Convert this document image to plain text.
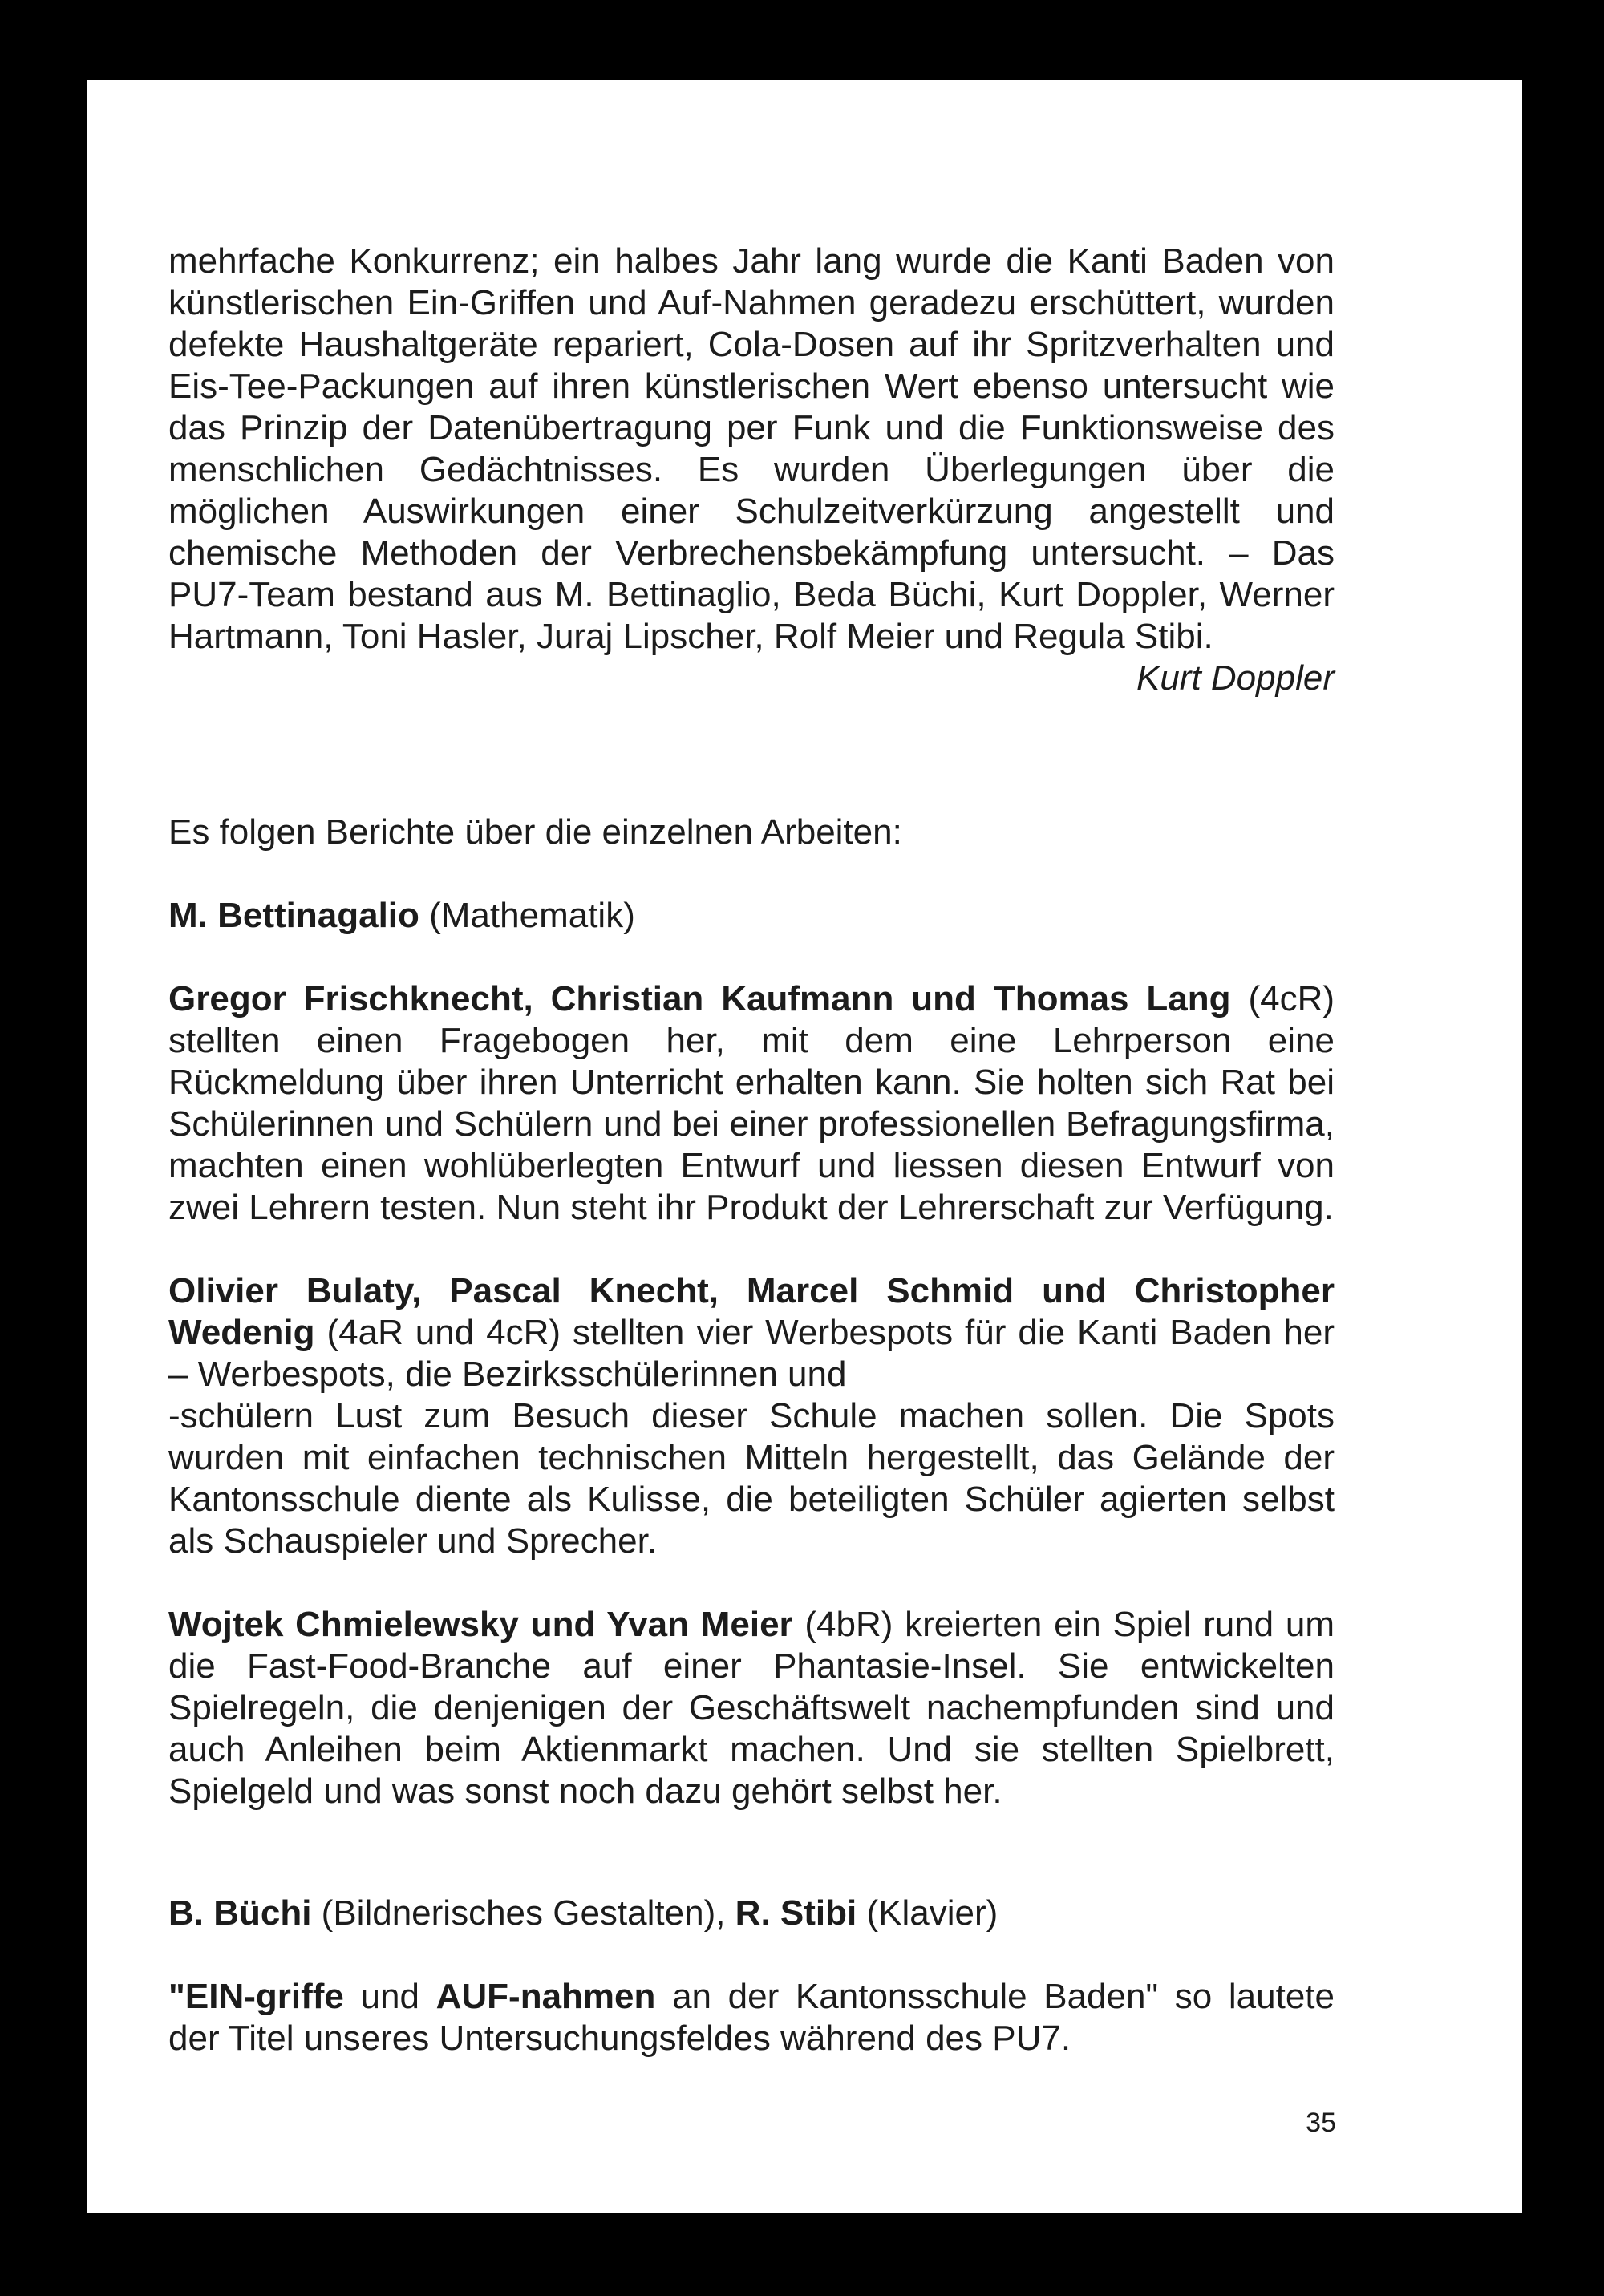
mehrfache Konkurrenz; ein halbes Jahr lang wurde die Kanti Baden von künstlerischen Ein-Griffen und Auf-Nahmen geradezu erschüttert, wurden defekte Haushaltgeräte repariert, Cola-Dosen auf ihr Spritzverhalten und Eis-Tee-Packungen auf ihren künstlerischen Wert ebenso untersucht wie das Prinzip der Datenübertragung per Funk und die Funktionsweise des menschlichen Gedächtnisses. Es wurden Überlegungen über die möglichen Auswirkungen einer Schulzeitverkürzung angestellt und chemische Methoden der Verbrechensbekämpfung untersucht. – Das PU7-Team bestand aus M. Bettinaglio, Beda Büchi, Kurt Doppler, Werner Hartmann, Toni Hasler, Juraj Lipscher, Rolf Meier und Regula Stibi.

Kurt Doppler

Es folgen Berichte über die einzelnen Arbeiten:

M. Bettinagalio (Mathematik)

Gregor Frischknecht, Christian Kaufmann und Thomas Lang (4cR) stellten einen Fragebogen her, mit dem eine Lehrperson eine Rückmeldung über ihren Unterricht erhalten kann. Sie holten sich Rat bei Schülerinnen und Schülern und bei einer professionellen Befragungsfirma, machten einen wohlüberlegten Entwurf und liessen diesen Entwurf von zwei Lehrern testen. Nun steht ihr Produkt der Lehrerschaft zur Verfügung.

Olivier Bulaty, Pascal Knecht, Marcel Schmid und Christopher Wedenig (4aR und 4cR) stellten vier Werbespots für die Kanti Baden her – Werbespots, die Bezirksschülerinnen und
-schülern Lust zum Besuch dieser Schule machen sollen. Die Spots wurden mit einfachen technischen Mitteln hergestellt, das Gelände der Kantonsschule diente als Kulisse, die beteiligten Schüler agierten selbst als Schauspieler und Sprecher.

Wojtek Chmielewsky und Yvan Meier (4bR) kreierten ein Spiel rund um die Fast-Food-Branche auf einer Phantasie-Insel. Sie entwickelten Spielregeln, die denjenigen der Geschäftswelt nachempfunden sind und auch Anleihen beim Aktienmarkt machen. Und sie stellten Spielbrett, Spielgeld und was sonst noch dazu gehört selbst her.

B. Büchi (Bildnerisches Gestalten), R. Stibi (Klavier)

"EIN-griffe und AUF-nahmen an der Kantonsschule Baden" so lautete der Titel unseres Untersuchungsfeldes während des PU7.

35
